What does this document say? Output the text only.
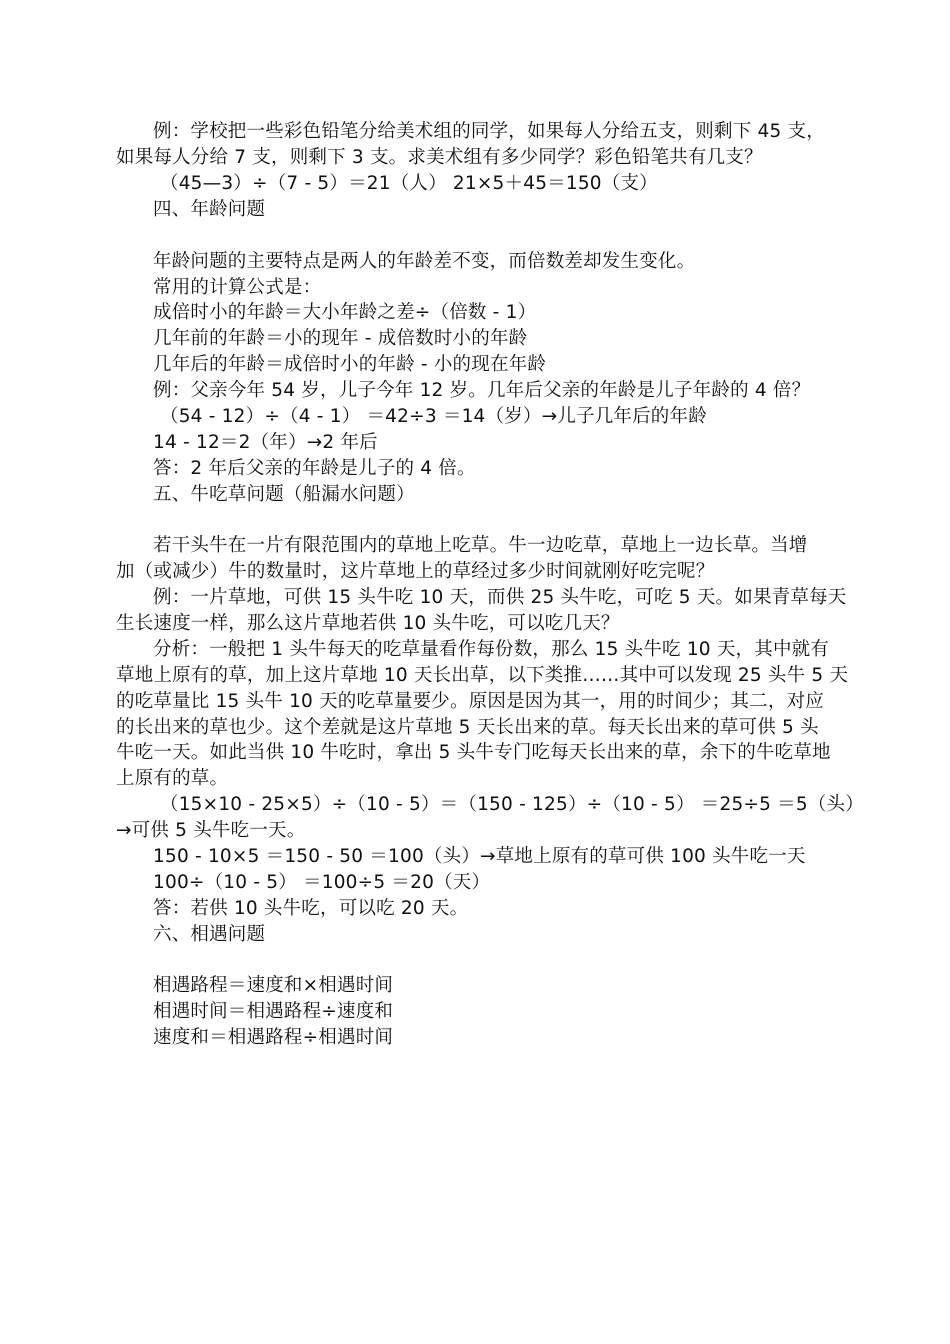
例：学校把一些彩色铅笔分给美术组的同学，如果每人分给五支，则剩下 45 支，
如果每人分给 7 支，则剩下 3 支。求美术组有多少同学？彩色铅笔共有几支？
（45—3）÷（7 - 5）＝21（人） 21×5＋45＝150（支）
四、年龄问题
年龄问题的主要特点是两人的年龄差不变，而倍数差却发生变化。
常用的计算公式是：
成倍时小的年龄＝大小年龄之差÷（倍数 - 1）
几年前的年龄＝小的现年 - 成倍数时小的年龄
几年后的年龄＝成倍时小的年龄 - 小的现在年龄
例：父亲今年 54 岁，儿子今年 12 岁。几年后父亲的年龄是儿子年龄的 4 倍？
（54 - 12）÷（4 - 1） ＝42÷3 ＝14（岁）→儿子几年后的年龄
14 - 12＝2（年）→2 年后
答：2 年后父亲的年龄是儿子的 4 倍。
五、牛吃草问题（船漏水问题）
若干头牛在一片有限范围内的草地上吃草。牛一边吃草，草地上一边长草。当增
加（或减少）牛的数量时，这片草地上的草经过多少时间就刚好吃完呢？
例：一片草地，可供 15 头牛吃 10 天，而供 25 头牛吃，可吃 5 天。如果青草每天
生长速度一样，那么这片草地若供 10 头牛吃，可以吃几天？
分析：一般把 1 头牛每天的吃草量看作每份数，那么 15 头牛吃 10 天，其中就有
草地上原有的草，加上这片草地 10 天长出草，以下类推……其中可以发现 25 头牛 5 天
的吃草量比 15 头牛 10 天的吃草量要少。原因是因为其一，用的时间少；其二，对应
的长出来的草也少。这个差就是这片草地 5 天长出来的草。每天长出来的草可供 5 头
牛吃一天。如此当供 10 牛吃时，拿出 5 头牛专门吃每天长出来的草，余下的牛吃草地
上原有的草。
（15×10 - 25×5）÷（10 - 5）＝（150 - 125）÷（10 - 5） ＝25÷5 ＝5（头）
→可供 5 头牛吃一天。
150 - 10×5 ＝150 - 50 ＝100（头）→草地上原有的草可供 100 头牛吃一天
100÷（10 - 5） ＝100÷5 ＝20（天）
答：若供 10 头牛吃，可以吃 20 天。
六、相遇问题
相遇路程＝速度和×相遇时间
相遇时间＝相遇路程÷速度和
速度和＝相遇路程÷相遇时间
